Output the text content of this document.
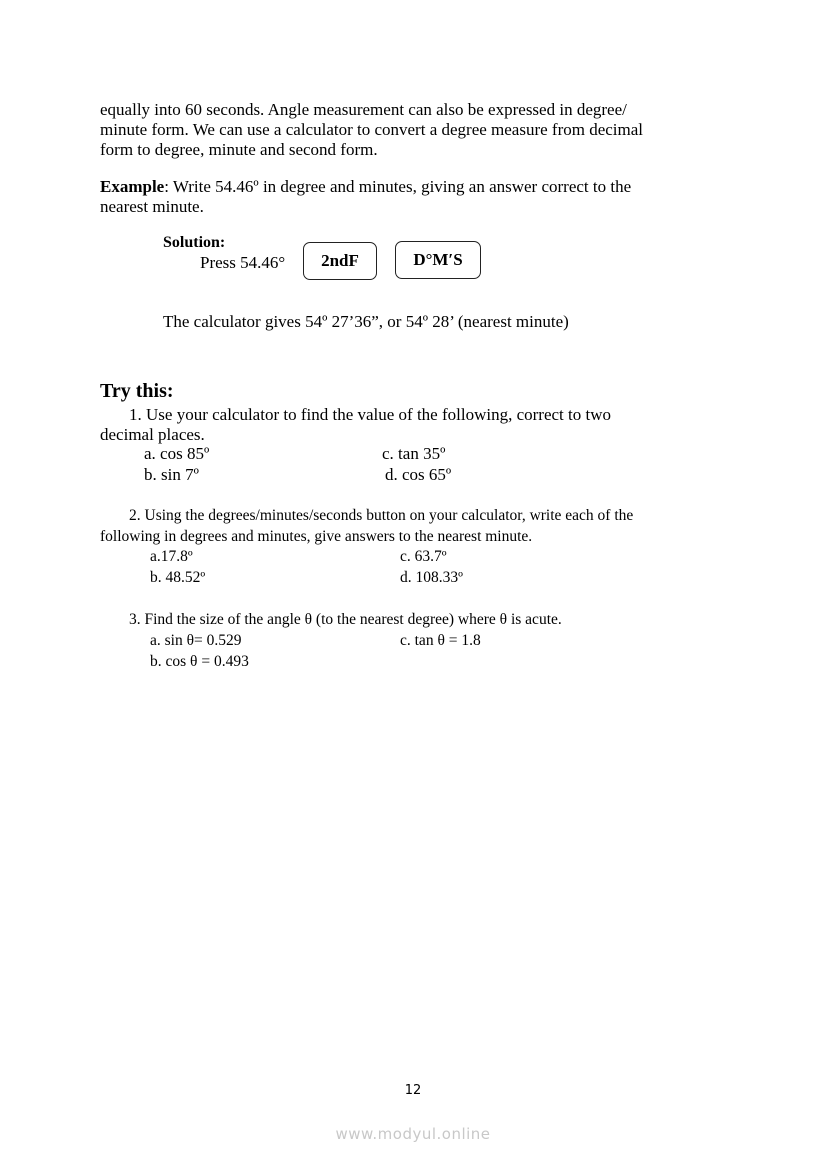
equally into 60 seconds. Angle measurement can also be expressed in degree/
minute form. We can use a calculator to convert a degree measure from decimal
form to degree, minute and second form.
Example: Write 54.46º in degree and minutes, giving an answer correct to the
nearest minute.
Solution:
Press 54.46°	2ndF	D°M′S
The calculator gives 54º 27’36”, or 54º 28’ (nearest minute)
Try this:
1. Use your calculator to find the value of the following, correct to two
decimal places.
a. cos 85º	c. tan 35º
b. sin 7º	d. cos 65º
2. Using the degrees/minutes/seconds button on your calculator, write each of the
following in degrees and minutes, give answers to the nearest minute.
a.17.8º	c. 63.7º
b. 48.52º	d. 108.33º
3. Find the size of the angle θ (to the nearest degree) where θ is acute.
a. sin θ= 0.529	c. tan θ = 1.8
b. cos θ = 0.493
12
www.modyul.online
